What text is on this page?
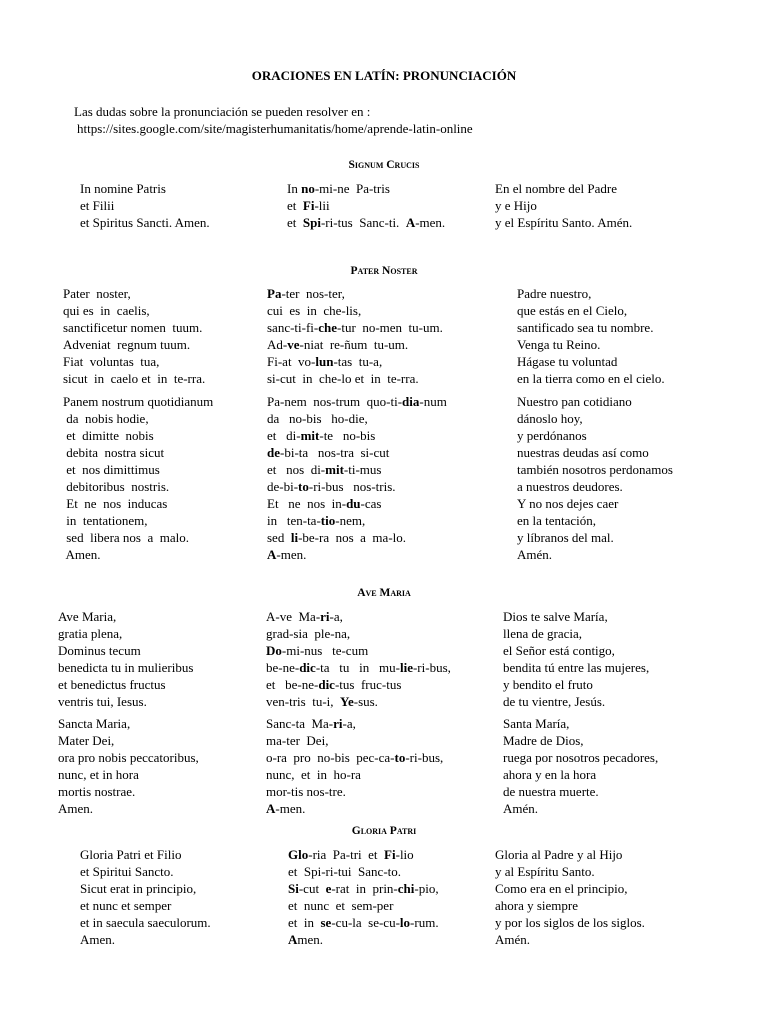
ORACIONES EN LATÍN: PRONUNCIACIÓN
Las dudas sobre la pronunciación se pueden resolver en :
https://sites.google.com/site/magisterhumanitatis/home/aprende-latin-online
Signum Crucis
In nomine Patris
et Filii
et Spiritus Sancti. Amen.
In no-mi-ne  Pa-tris
et  Fi-lii
et  Spi-ri-tus  Sanc-ti.  A-men.
En el nombre del Padre
y e Hijo
y el Espíritu Santo. Amén.
Pater Noster
Pater  noster,
qui es  in  caelis,
sanctificetur nomen  tuum.
Adveniat  regnum tuum.
Fiat  voluntas  tua,
sicut  in  caelo et  in  te-rra.
Pa-ter  nos-ter,
cui  es  in  che-lis,
sanc-ti-fi-che-tur  no-men  tu-um.
Ad-ve-niat  re-ñum  tu-um.
Fi-at  vo-lun-tas  tu-a,
si-cut  in  che-lo et  in  te-rra.
Padre nuestro,
que estás en el Cielo,
santificado sea tu nombre.
Venga tu Reino.
Hágase tu voluntad
en la tierra como en el cielo.
Panem nostrum quotidianum
da  nobis hodie,
et  dimitte  nobis
debita  nostra sicut
et  nos dimittimus
debitoribus  nostris.
Et  ne  nos  inducas
in  tentationem,
sed  libera nos  a  malo.
Amen.
Pa-nem  nos-trum  quo-ti-dia-num
da   no-bis   ho-die,
et   di-mit-te   no-bis
de-bi-ta   nos-tra  si-cut
et   nos  di-mit-ti-mus
de-bi-to-ri-bus   nos-tris.
Et   ne  nos  in-du-cas
in   ten-ta-tio-nem,
sed  li-be-ra  nos  a  ma-lo.
A-men.
Nuestro pan cotidiano
dánoslo hoy,
y perdónanos
nuestras deudas así como
también nosotros perdonamos
a nuestros deudores.
Y no nos dejes caer
en la tentación,
y líbranos del mal.
Amén.
Ave Maria
Ave Maria,
gratia plena,
Dominus tecum
benedicta tu in mulieribus
et benedictus fructus
ventris tui, Iesus.
A-ve  Ma-ri-a,
grad-sia  ple-na,
Do-mi-nus   te-cum
be-ne-dic-ta   tu   in   mu-lie-ri-bus,
et   be-ne-dic-tus  fruc-tus
ven-tris  tu-i,  Ye-sus.
Dios te salve María,
llena de gracia,
el Señor está contigo,
bendita tú entre las mujeres,
y bendito el fruto
de tu vientre, Jesús.
Sancta Maria,
Mater Dei,
ora pro nobis peccatoribus,
nunc, et in hora
mortis nostrae.
Amen.
Sanc-ta  Ma-ri-a,
ma-ter  Dei,
o-ra  pro  no-bis  pec-ca-to-ri-bus,
nunc,  et  in  ho-ra
mor-tis nos-tre.
A-men.
Santa María,
Madre de Dios,
ruega por nosotros pecadores,
ahora y en la hora
de nuestra muerte.
Amén.
Gloria Patri
Gloria Patri et Filio
et Spiritui Sancto.
Sicut erat in principio,
et nunc et semper
et in saecula saeculorum.
Amen.
Glo-ria  Pa-tri  et  Fi-lio
et  Spi-ri-tui  Sanc-to.
Si-cut  e-rat  in  prin-chi-pio,
et  nunc  et  sem-per
et  in  se-cu-la  se-cu-lo-rum.
Amen.
Gloria al Padre y al Hijo
y al Espíritu Santo.
Como era en el principio,
ahora y siempre
y por los siglos de los siglos.
Amén.
